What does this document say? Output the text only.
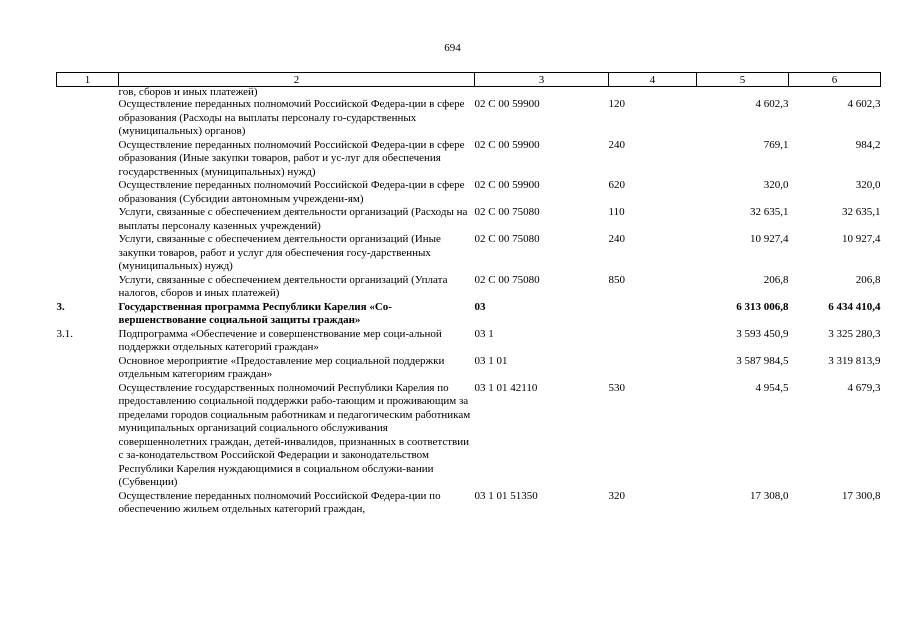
694
1	2	3	4	5	6
	гов, сборов и иных платежей)				
	Осуществление переданных полномочий Российской Федера-ции в сфере образования (Расходы на выплаты персоналу го-сударственных (муниципальных) органов)	02 С 00 59900	120	4 602,3	4 602,3
	Осуществление переданных полномочий Российской Федера-ции в сфере образования (Иные закупки товаров, работ и ус-луг для обеспечения государственных (муниципальных) нужд)	02 С 00 59900	240	769,1	984,2
	Осуществление переданных полномочий Российской Федера-ции в сфере образования (Субсидии автономным учреждени-ям)	02 С 00 59900	620	320,0	320,0
	Услуги, связанные с обеспечением деятельности организаций (Расходы на выплаты персоналу казенных учреждений)	02 С 00 75080	110	32 635,1	32 635,1
	Услуги, связанные с обеспечением деятельности организаций (Иные закупки товаров, работ и услуг для обеспечения госу-дарственных (муниципальных) нужд)	02 С 00 75080	240	10 927,4	10 927,4
	Услуги, связанные с обеспечением деятельности организаций (Уплата налогов, сборов и иных платежей)	02 С 00 75080	850	206,8	206,8
3.	Государственная программа Республики Карелия «Со-вершенствование социальной защиты граждан»	03		6 313 006,8	6 434 410,4
3.1.	Подпрограмма «Обеспечение и совершенствование мер соци-альной поддержки отдельных категорий граждан»	03 1		3 593 450,9	3 325 280,3
	Основное мероприятие «Предоставление мер социальной поддержки отдельным категориям граждан»	03 1 01		3 587 984,5	3 319 813,9
	Осуществление государственных полномочий Республики Карелия по предоставлению социальной поддержки рабо-тающим и проживающим за пределами городов социальным работникам и педагогическим работникам муниципальных организаций социального обслуживания совершеннолетних граждан, детей-инвалидов, признанных в соответствии с за-конодательством Российской Федерации и законодательством Республики Карелия нуждающимися в социальном обслужи-вании (Субвенции)	03 1 01 42110	530	4 954,5	4 679,3
	Осуществление переданных полномочий Российской Федера-ции по обеспечению жильем отдельных категорий граждан,	03 1 01 51350	320	17 308,0	17 300,8
